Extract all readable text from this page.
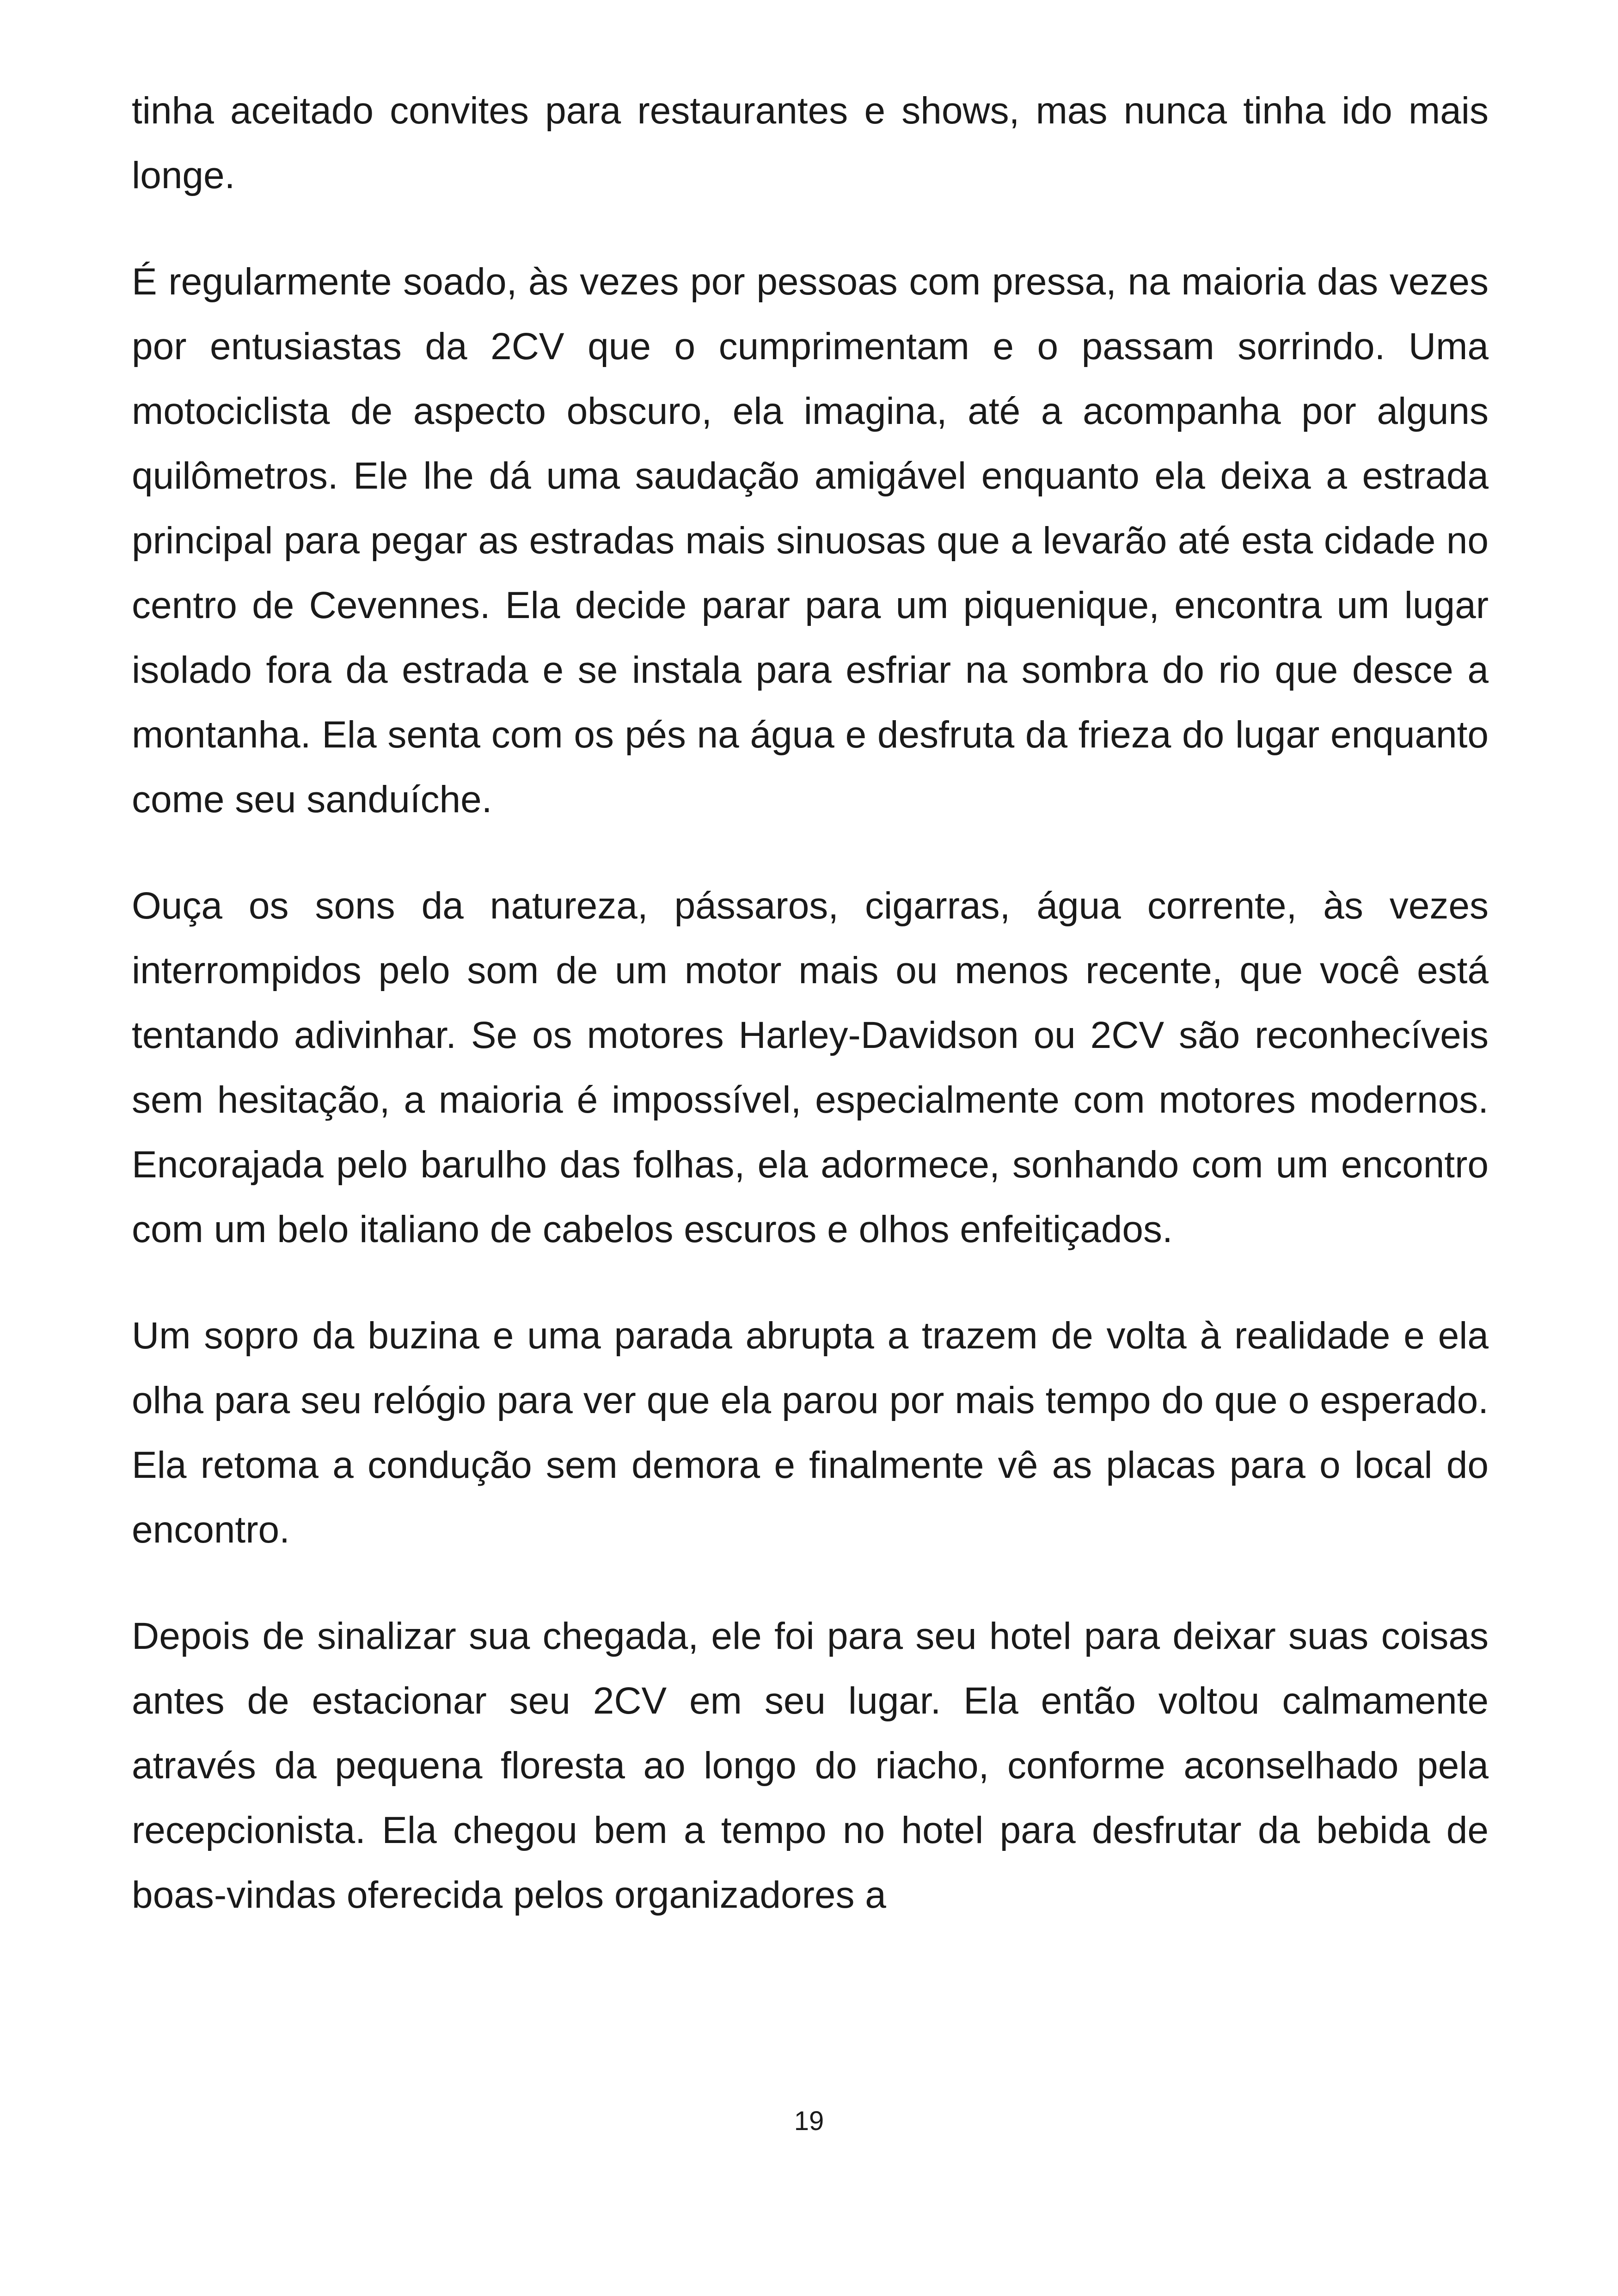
tinha aceitado convites para restaurantes e shows, mas nunca tinha ido mais longe.

É regularmente soado, às vezes por pessoas com pressa, na maioria das vezes por entusiastas da 2CV que o cumprimentam e o passam sorrindo. Uma motociclista de aspecto obscuro, ela imagina, até a acompanha por alguns quilômetros. Ele lhe dá uma saudação amigável enquanto ela deixa a estrada principal para pegar as estradas mais sinuosas que a levarão até esta cidade no centro de Cevennes. Ela decide parar para um piquenique, encontra um lugar isolado fora da estrada e se instala para esfriar na sombra do rio que desce a montanha. Ela senta com os pés na água e desfruta da frieza do lugar enquanto come seu sanduíche.

Ouça os sons da natureza, pássaros, cigarras, água corrente, às vezes interrompidos pelo som de um motor mais ou menos recente, que você está tentando adivinhar. Se os motores Harley-Davidson ou 2CV são reconhecíveis sem hesitação, a maioria é impossível, especialmente com motores modernos. Encorajada pelo barulho das folhas, ela adormece, sonhando com um encontro com um belo italiano de cabelos escuros e olhos enfeitiçados.

Um sopro da buzina e uma parada abrupta a trazem de volta à realidade e ela olha para seu relógio para ver que ela parou por mais tempo do que o esperado. Ela retoma a condução sem demora e finalmente vê as placas para o local do encontro.

Depois de sinalizar sua chegada, ele foi para seu hotel para deixar suas coisas antes de estacionar seu 2CV em seu lugar. Ela então voltou calmamente através da pequena floresta ao longo do riacho, conforme aconselhado pela recepcionista. Ela chegou bem a tempo no hotel para desfrutar da bebida de boas-vindas oferecida pelos organizadores a

19
